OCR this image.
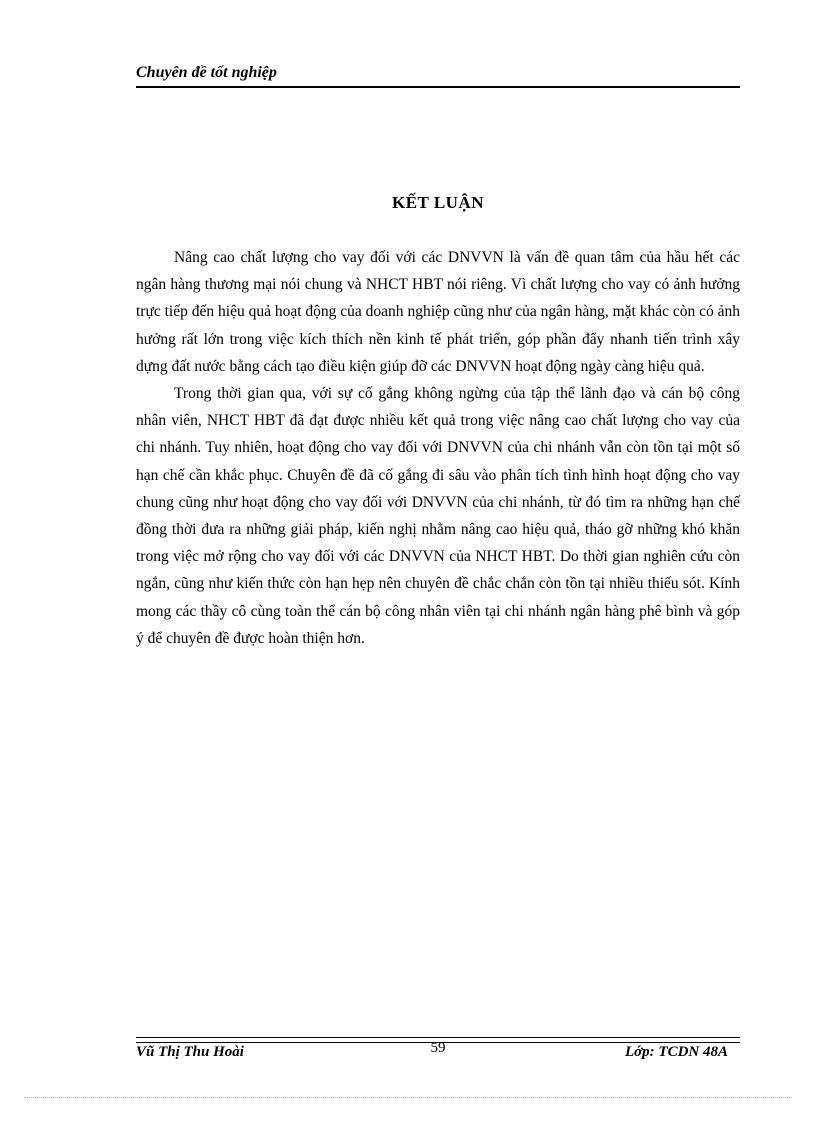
Chuyên đề tốt nghiệp
KẾT LUẬN

Nâng cao chất lượng cho vay đối với các DNVVN là vấn đề quan tâm của hầu hết các ngân hàng thương mại nói chung và NHCT HBT nói riêng. Vì chất lượng cho vay có ảnh hưởng trực tiếp đến hiệu quả hoạt động của doanh nghiệp cũng như của ngân hàng, mặt khác còn có ảnh hưởng rất lớn trong việc kích thích nền kinh tế phát triển, góp phần đẩy nhanh tiến trình xây dựng đất nước bằng cách tạo điều kiện giúp đỡ các DNVVN hoạt động ngày càng hiệu quả.

Trong thời gian qua, với sự cố gắng không ngừng của tập thể lãnh đạo và cán bộ công nhân viên, NHCT HBT đã đạt được nhiều kết quả trong việc nâng cao chất lượng cho vay của chi nhánh. Tuy nhiên, hoạt động cho vay đối với DNVVN của chi nhánh vẫn còn tồn tại một số hạn chế cần khắc phục. Chuyên đề đã cố gắng đi sâu vào phân tích tình hình hoạt động cho vay chung cũng như hoạt động cho vay đối với DNVVN của chi nhánh, từ đó tìm ra những hạn chế đồng thời đưa ra những giải pháp, kiến nghị nhằm nâng cao hiệu quả, tháo gỡ những khó khăn trong việc mở rộng cho vay đối với các DNVVN của NHCT HBT. Do thời gian nghiên cứu còn ngắn, cũng như kiến thức còn hạn hẹp nên chuyên đề chắc chắn còn tồn tại nhiều thiếu sót. Kính mong các thầy cô cùng toàn thể cán bộ công nhân viên tại chi nhánh ngân hàng phê bình và góp ý để chuyên đề được hoàn thiện hơn.

Vũ Thị Thu Hoài	59	Lớp: TCDN 48A
